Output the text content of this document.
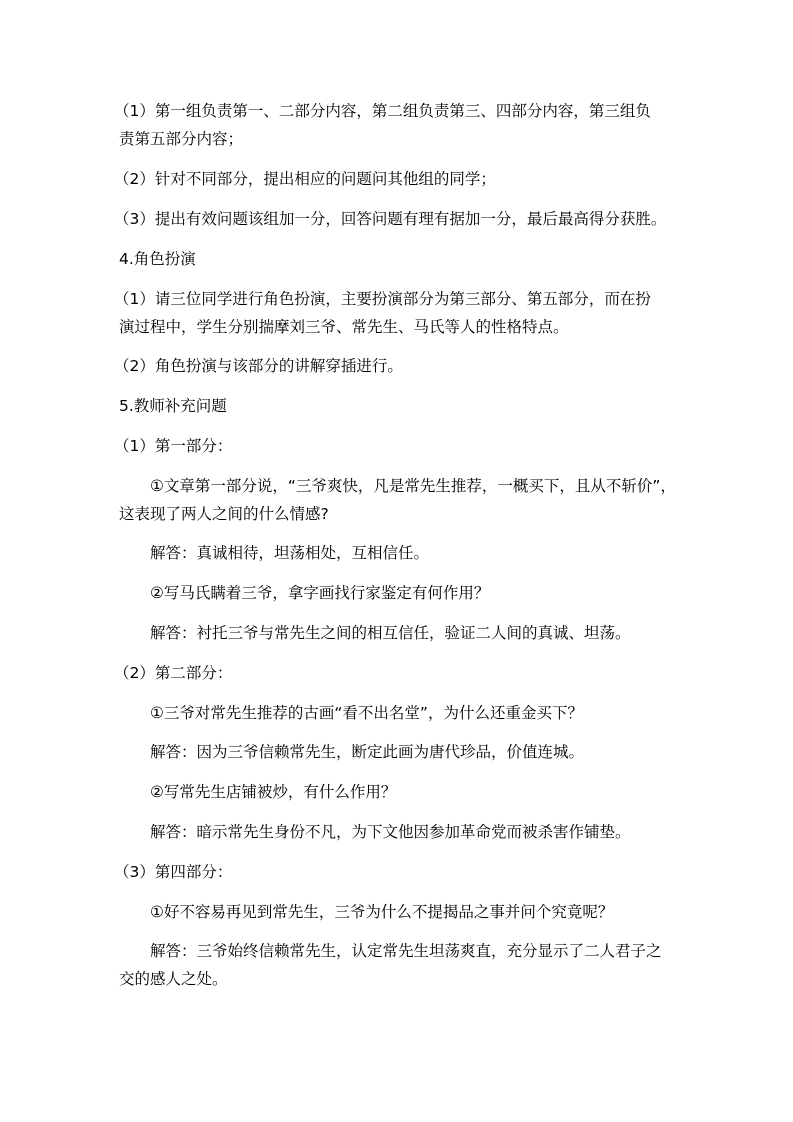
（1）第一组负责第一、二部分内容，第二组负责第三、四部分内容，第三组负
责第五部分内容；
（2）针对不同部分，提出相应的问题问其他组的同学；
（3）提出有效问题该组加一分，回答问题有理有据加一分，最后最高得分获胜。
4.角色扮演
（1）请三位同学进行角色扮演，主要扮演部分为第三部分、第五部分，而在扮
演过程中，学生分别揣摩刘三爷、常先生、马氏等人的性格特点。
（2）角色扮演与该部分的讲解穿插进行。
5.教师补充问题
（1）第一部分：
①文章第一部分说，“三爷爽快，凡是常先生推荐，一概买下，且从不斩价”，
这表现了两人之间的什么情感?
解答：真诚相待，坦荡相处，互相信任。
②写马氏瞒着三爷，拿字画找行家鉴定有何作用？
解答：衬托三爷与常先生之间的相互信任，验证二人间的真诚、坦荡。
（2）第二部分：
①三爷对常先生推荐的古画“看不出名堂”，为什么还重金买下？
解答：因为三爷信赖常先生，断定此画为唐代珍品，价值连城。
②写常先生店铺被炒，有什么作用？
解答：暗示常先生身份不凡，为下文他因参加革命党而被杀害作铺垫。
（3）第四部分：
①好不容易再见到常先生，三爷为什么不提揭品之事并问个究竟呢？
解答：三爷始终信赖常先生，认定常先生坦荡爽直，充分显示了二人君子之
交的感人之处。
